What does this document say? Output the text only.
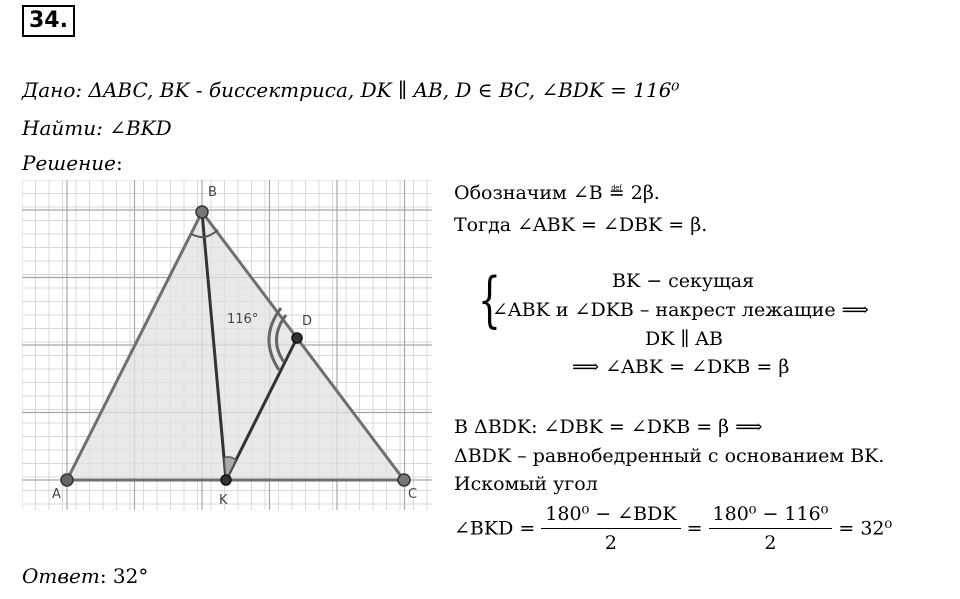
34.
Дано: ΔABC, BK - биссектриса, DK ∥ AB, D ∈ BC, ∠BDK = 116⁰
Найти: ∠BKD
Решение:
A
B
C
D
K
116°
Обозначим ∠B ≝ 2β.
Тогда ∠ABK = ∠DBK = β.
{	BK − секущая
∠ABK и ∠DKB – накрест лежащие ⟹
DK ∥ AB
⟹ ∠ABK = ∠DKB = β
В ΔBDK: ∠DBK = ∠DKB = β ⟹
ΔBDK – равнобедренный с основанием BK.
Искомый угол
∠BKD = $\frac{\text{180⁰ − ∠BDK}}{2} = \frac{\text{180⁰ − 116⁰}}{2} = 32^0$
Ответ: 32°
